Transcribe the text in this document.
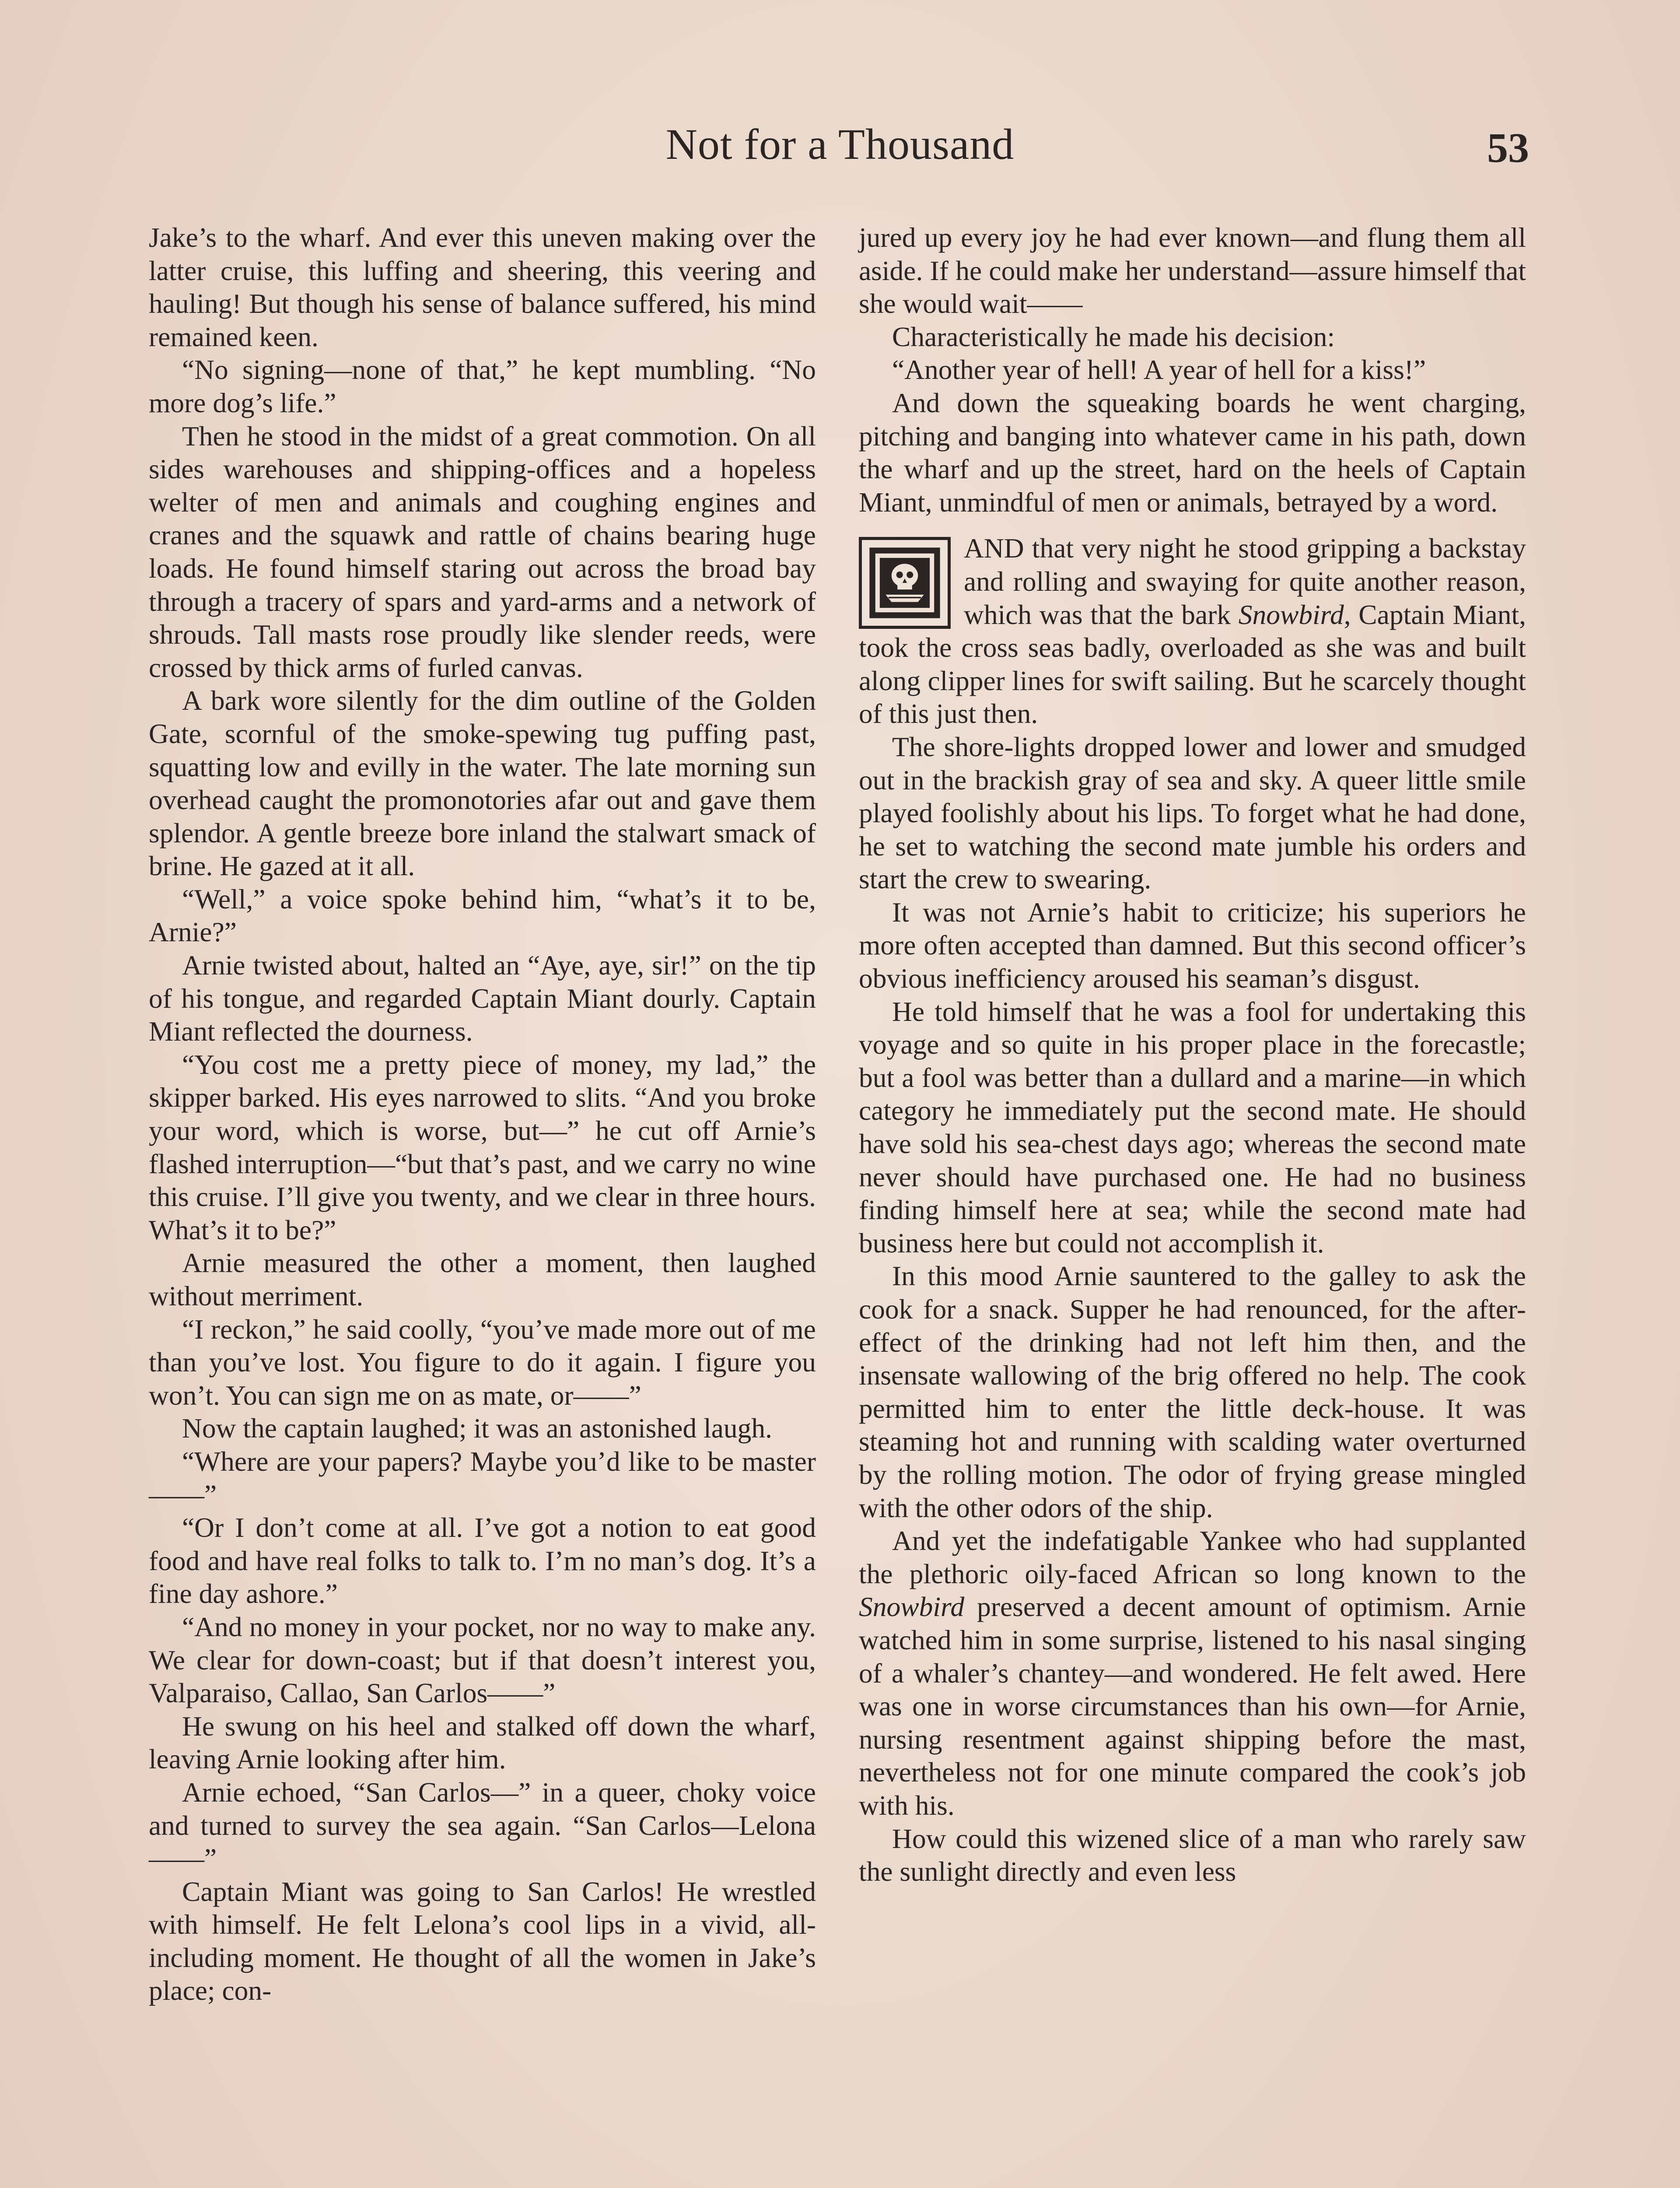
Not for a Thousand	53

Jake’s to the wharf. And ever this uneven making over the latter cruise, this luffing and sheering, this veering and hauling! But though his sense of balance suffered, his mind remained keen.

“No signing—none of that,” he kept mumbling. “No more dog’s life.”

Then he stood in the midst of a great commotion. On all sides warehouses and shipping-offices and a hopeless welter of men and animals and coughing engines and cranes and the squawk and rattle of chains bearing huge loads. He found himself staring out across the broad bay through a tracery of spars and yard-arms and a network of shrouds. Tall masts rose proudly like slender reeds, were crossed by thick arms of furled canvas.

A bark wore silently for the dim outline of the Golden Gate, scornful of the smoke-spewing tug puffing past, squatting low and evilly in the water. The late morning sun overhead caught the promonotories afar out and gave them splendor. A gentle breeze bore inland the stalwart smack of brine. He gazed at it all.

“Well,” a voice spoke behind him, “what’s it to be, Arnie?”

Arnie twisted about, halted an “Aye, aye, sir!” on the tip of his tongue, and regarded Captain Miant dourly. Captain Miant reflected the dourness.

“You cost me a pretty piece of money, my lad,” the skipper barked. His eyes narrowed to slits. “And you broke your word, which is worse, but—” he cut off Arnie’s flashed interruption—“but that’s past, and we carry no wine this cruise. I’ll give you twenty, and we clear in three hours. What’s it to be?”

Arnie measured the other a moment, then laughed without merriment.

“I reckon,” he said coolly, “you’ve made more out of me than you’ve lost. You figure to do it again. I figure you won’t. You can sign me on as mate, or——”

Now the captain laughed; it was an astonished laugh.

“Where are your papers? Maybe you’d like to be master——”

“Or I don’t come at all. I’ve got a notion to eat good food and have real folks to talk to. I’m no man’s dog. It’s a fine day ashore.”

“And no money in your pocket, nor no way to make any. We clear for down-coast; but if that doesn’t interest you, Valparaiso, Callao, San Carlos——”

He swung on his heel and stalked off down the wharf, leaving Arnie looking after him.

Arnie echoed, “San Carlos—” in a queer, choky voice and turned to survey the sea again. “San Carlos—Lelona——”

Captain Miant was going to San Carlos! He wrestled with himself. He felt Lelona’s cool lips in a vivid, all-including moment. He thought of all the women in Jake’s place; con-

jured up every joy he had ever known—and flung them all aside. If he could make her understand—assure himself that she would wait——

Characteristically he made his decision:

“Another year of hell! A year of hell for a kiss!”

And down the squeaking boards he went charging, pitching and banging into whatever came in his path, down the wharf and up the street, hard on the heels of Captain Miant, unmindful of men or animals, betrayed by a word.

AND that very night he stood gripping a backstay and rolling and swaying for quite another reason, which was that the bark Snowbird, Captain Miant, took the cross seas badly, overloaded as she was and built along clipper lines for swift sailing. But he scarcely thought of this just then.

The shore-lights dropped lower and lower and smudged out in the brackish gray of sea and sky. A queer little smile played foolishly about his lips. To forget what he had done, he set to watching the second mate jumble his orders and start the crew to swearing.

It was not Arnie’s habit to criticize; his superiors he more often accepted than damned. But this second officer’s obvious inefficiency aroused his seaman’s disgust.

He told himself that he was a fool for undertaking this voyage and so quite in his proper place in the forecastle; but a fool was better than a dullard and a marine—in which category he immediately put the second mate. He should have sold his sea-chest days ago; whereas the second mate never should have purchased one. He had no business finding himself here at sea; while the second mate had business here but could not accomplish it.

In this mood Arnie sauntered to the galley to ask the cook for a snack. Supper he had renounced, for the after-effect of the drinking had not left him then, and the insensate wallowing of the brig offered no help. The cook permitted him to enter the little deck-house. It was steaming hot and running with scalding water overturned by the rolling motion. The odor of frying grease mingled with the other odors of the ship.

And yet the indefatigable Yankee who had supplanted the plethoric oily-faced African so long known to the Snowbird preserved a decent amount of optimism. Arnie watched him in some surprise, listened to his nasal singing of a whaler’s chantey—and wondered. He felt awed. Here was one in worse circumstances than his own—for Arnie, nursing resentment against shipping before the mast, nevertheless not for one minute compared the cook’s job with his.

How could this wizened slice of a man who rarely saw the sunlight directly and even less
